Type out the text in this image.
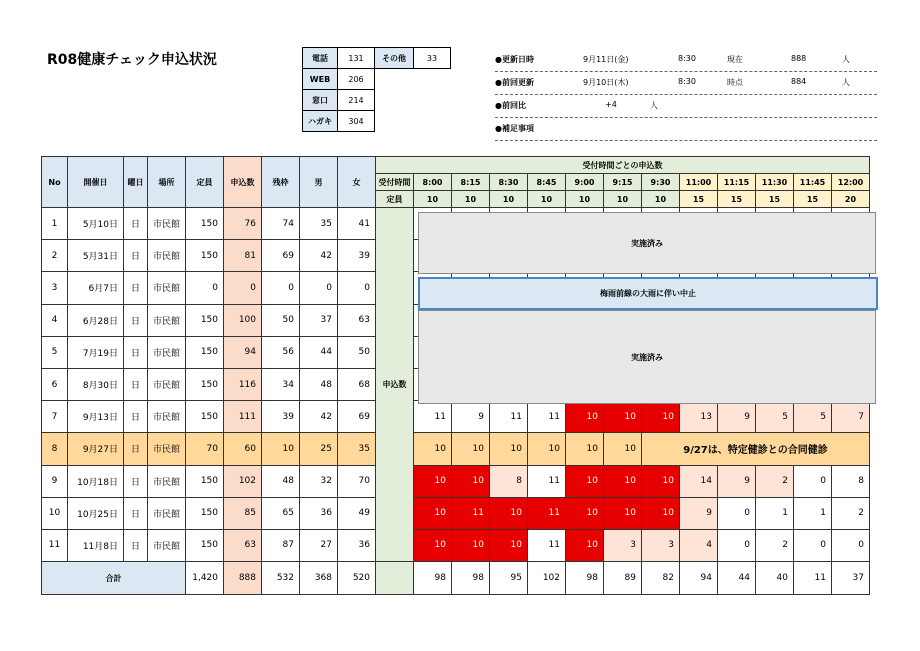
R08健康チェック申込状況	電話	131	その他	33
WEB	206		
窓口	214		
ハガキ	304		
●更新日時	9月11日(金)	8:30	現在	888	人
●前回更新	9月10日(木)	8:30	時点	884	人
●前回比	+4	人
●補足事項
No	開催日	曜日	場所	定員	申込数	残枠	男	女	受付時間ごとの申込数												
									受付時間	8:00	8:15	8:30	8:45	9:00	9:15	9:30	11:00	11:15	11:30	11:45	12:00
									定員	10	10	10	10	10	10	10	15	15	15	15	20
1	5月10日	日	市民館	150	76	74	35	41	申込数												
2	5月31日	日	市民館	150	81	69	42	39													
3	6月7日	日	市民館	0	0	0	0	0													
4	6月28日	日	市民館	150	100	50	37	63													
5	7月19日	日	市民館	150	94	56	44	50													
6	8月30日	日	市民館	150	116	34	48	68													
7	9月13日	日	市民館	150	111	39	42	69		11	9	11	11	10	10	10	13	9	5	5	7
8	9月27日	日	市民館	70	60	10	25	35		10	10	10	10	10	10	9/27は、特定健診との合同健診					
9	10月18日	日	市民館	150	102	48	32	70		10	10	8	11	10	10	10	14	9	2	0	8
10	10月25日	日	市民館	150	85	65	36	49		10	11	10	11	10	10	10	9	0	1	1	2
11	11月8日	日	市民館	150	63	87	27	36		10	10	10	11	10	3	3	4	0	2	0	0
合計				1,420	888	532	368	520		98	98	95	102	98	89	82	94	44	40	11	37
実施済み
梅雨前線の大雨に伴い中止
実施済み
